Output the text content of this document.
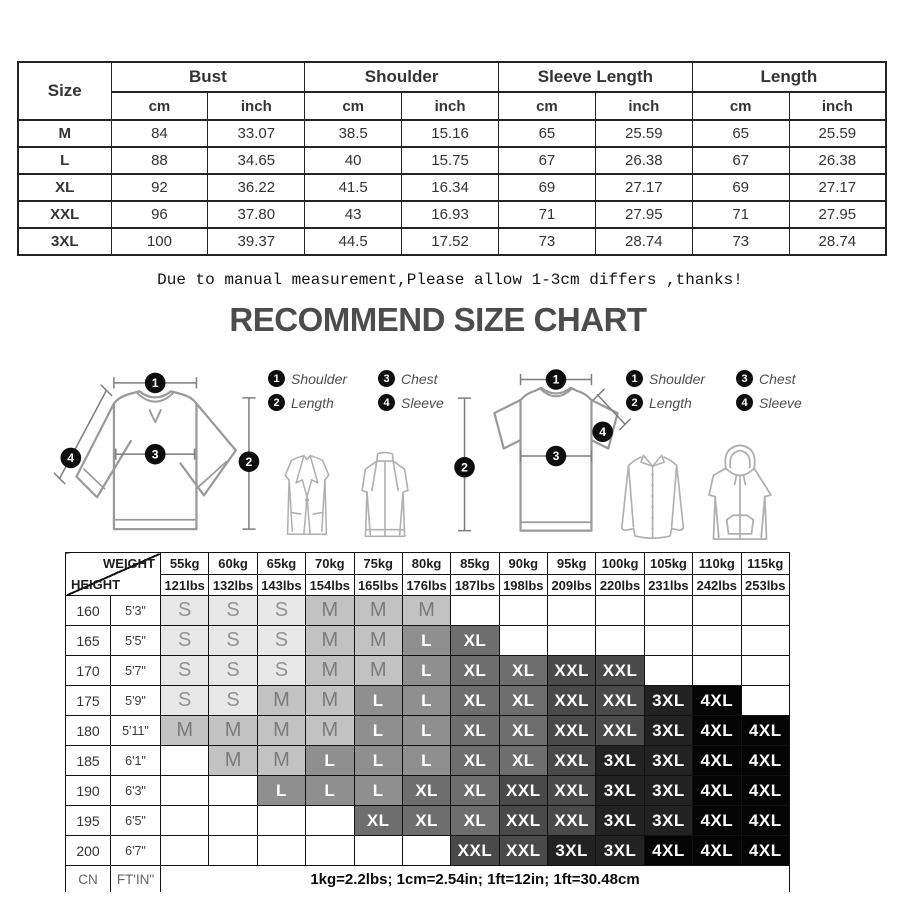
Size	Bust		Shoulder		Sleeve Length		Length	
	cm	inch	cm	inch	cm	inch	cm	inch
M	84	33.07	38.5	15.16	65	25.59	65	25.59
L	88	34.65	40	15.75	67	26.38	67	26.38
XL	92	36.22	41.5	16.34	69	27.17	69	27.17
XXL	96	37.80	43	16.93	71	27.95	71	27.95
3XL	100	39.37	44.5	17.52	73	28.74	73	28.74
Due to manual measurement,Please allow 1-3cm differs ,thanks!
RECOMMEND SIZE CHART
1
3
2
4
1 Shoulder	3 Chest
2 Length	4 Sleeve
1
3
2
4
1 Shoulder	3 Chest
2 Length	4 Sleeve
WEIGHT
HEIGHT		55kg	60kg	65kg	70kg	75kg	80kg	85kg	90kg	95kg	100kg	105kg	110kg	115kg
		121lbs	132lbs	143lbs	154lbs	165lbs	176lbs	187lbs	198lbs	209lbs	220lbs	231lbs	242lbs	253lbs
160	5'3"	S	S	S	M	M	M							
165	5'5"	S	S	S	M	M	L	XL						
170	5'7"	S	S	S	M	M	L	XL	XL	XXL	XXL			
175	5'9"	S	S	M	M	L	L	XL	XL	XXL	XXL	3XL	4XL	
180	5'11"	M	M	M	M	L	L	XL	XL	XXL	XXL	3XL	4XL	4XL
185	6'1"		M	M	L	L	L	XL	XL	XXL	3XL	3XL	4XL	4XL
190	6'3"			L	L	L	XL	XL	XXL	XXL	3XL	3XL	4XL	4XL
195	6'5"					XL	XL	XL	XXL	XXL	3XL	3XL	4XL	4XL
200	6'7"							XXL	XXL	3XL	3XL	4XL	4XL	4XL
CN	FT'IN"	1kg=2.2lbs; 1cm=2.54in; 1ft=12in; 1ft=30.48cm												
